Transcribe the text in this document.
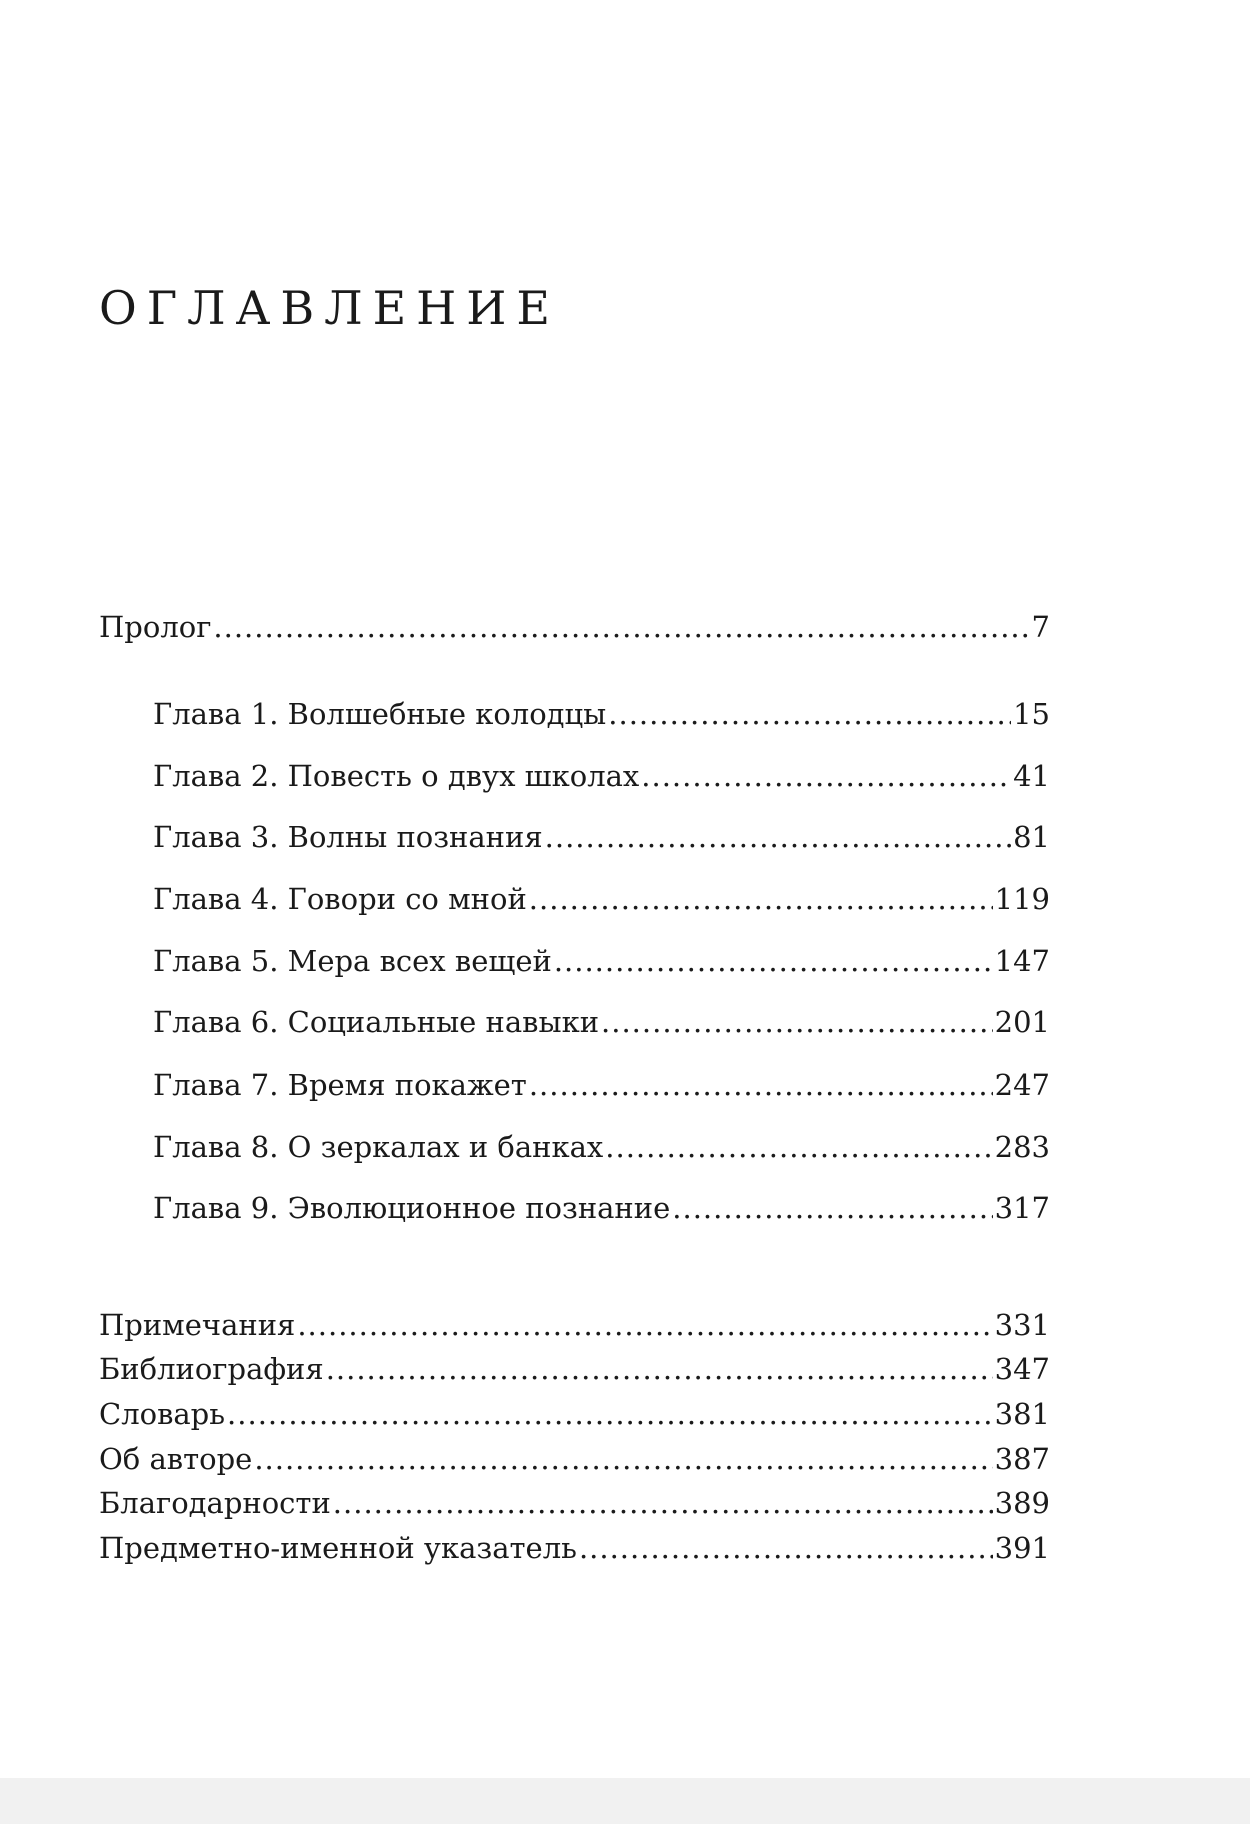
ОГЛАВЛЕНИЕ
Пролог .....	7
Глава 1. Волшебные колодцы .....	15
Глава 2. Повесть о двух школах .....	41
Глава 3. Волны познания .....	81
Глава 4. Говори со мной .....	119
Глава 5. Мера всех вещей .....	147
Глава 6. Социальные навыки .....	201
Глава 7. Время покажет .....	247
Глава 8. О зеркалах и банках .....	283
Глава 9. Эволюционное познание .....	317
Примечания .....	331
Библиография .....	347
Словарь .....	381
Об авторе .....	387
Благодарности .....	389
Предметно-именной указатель .....	391
